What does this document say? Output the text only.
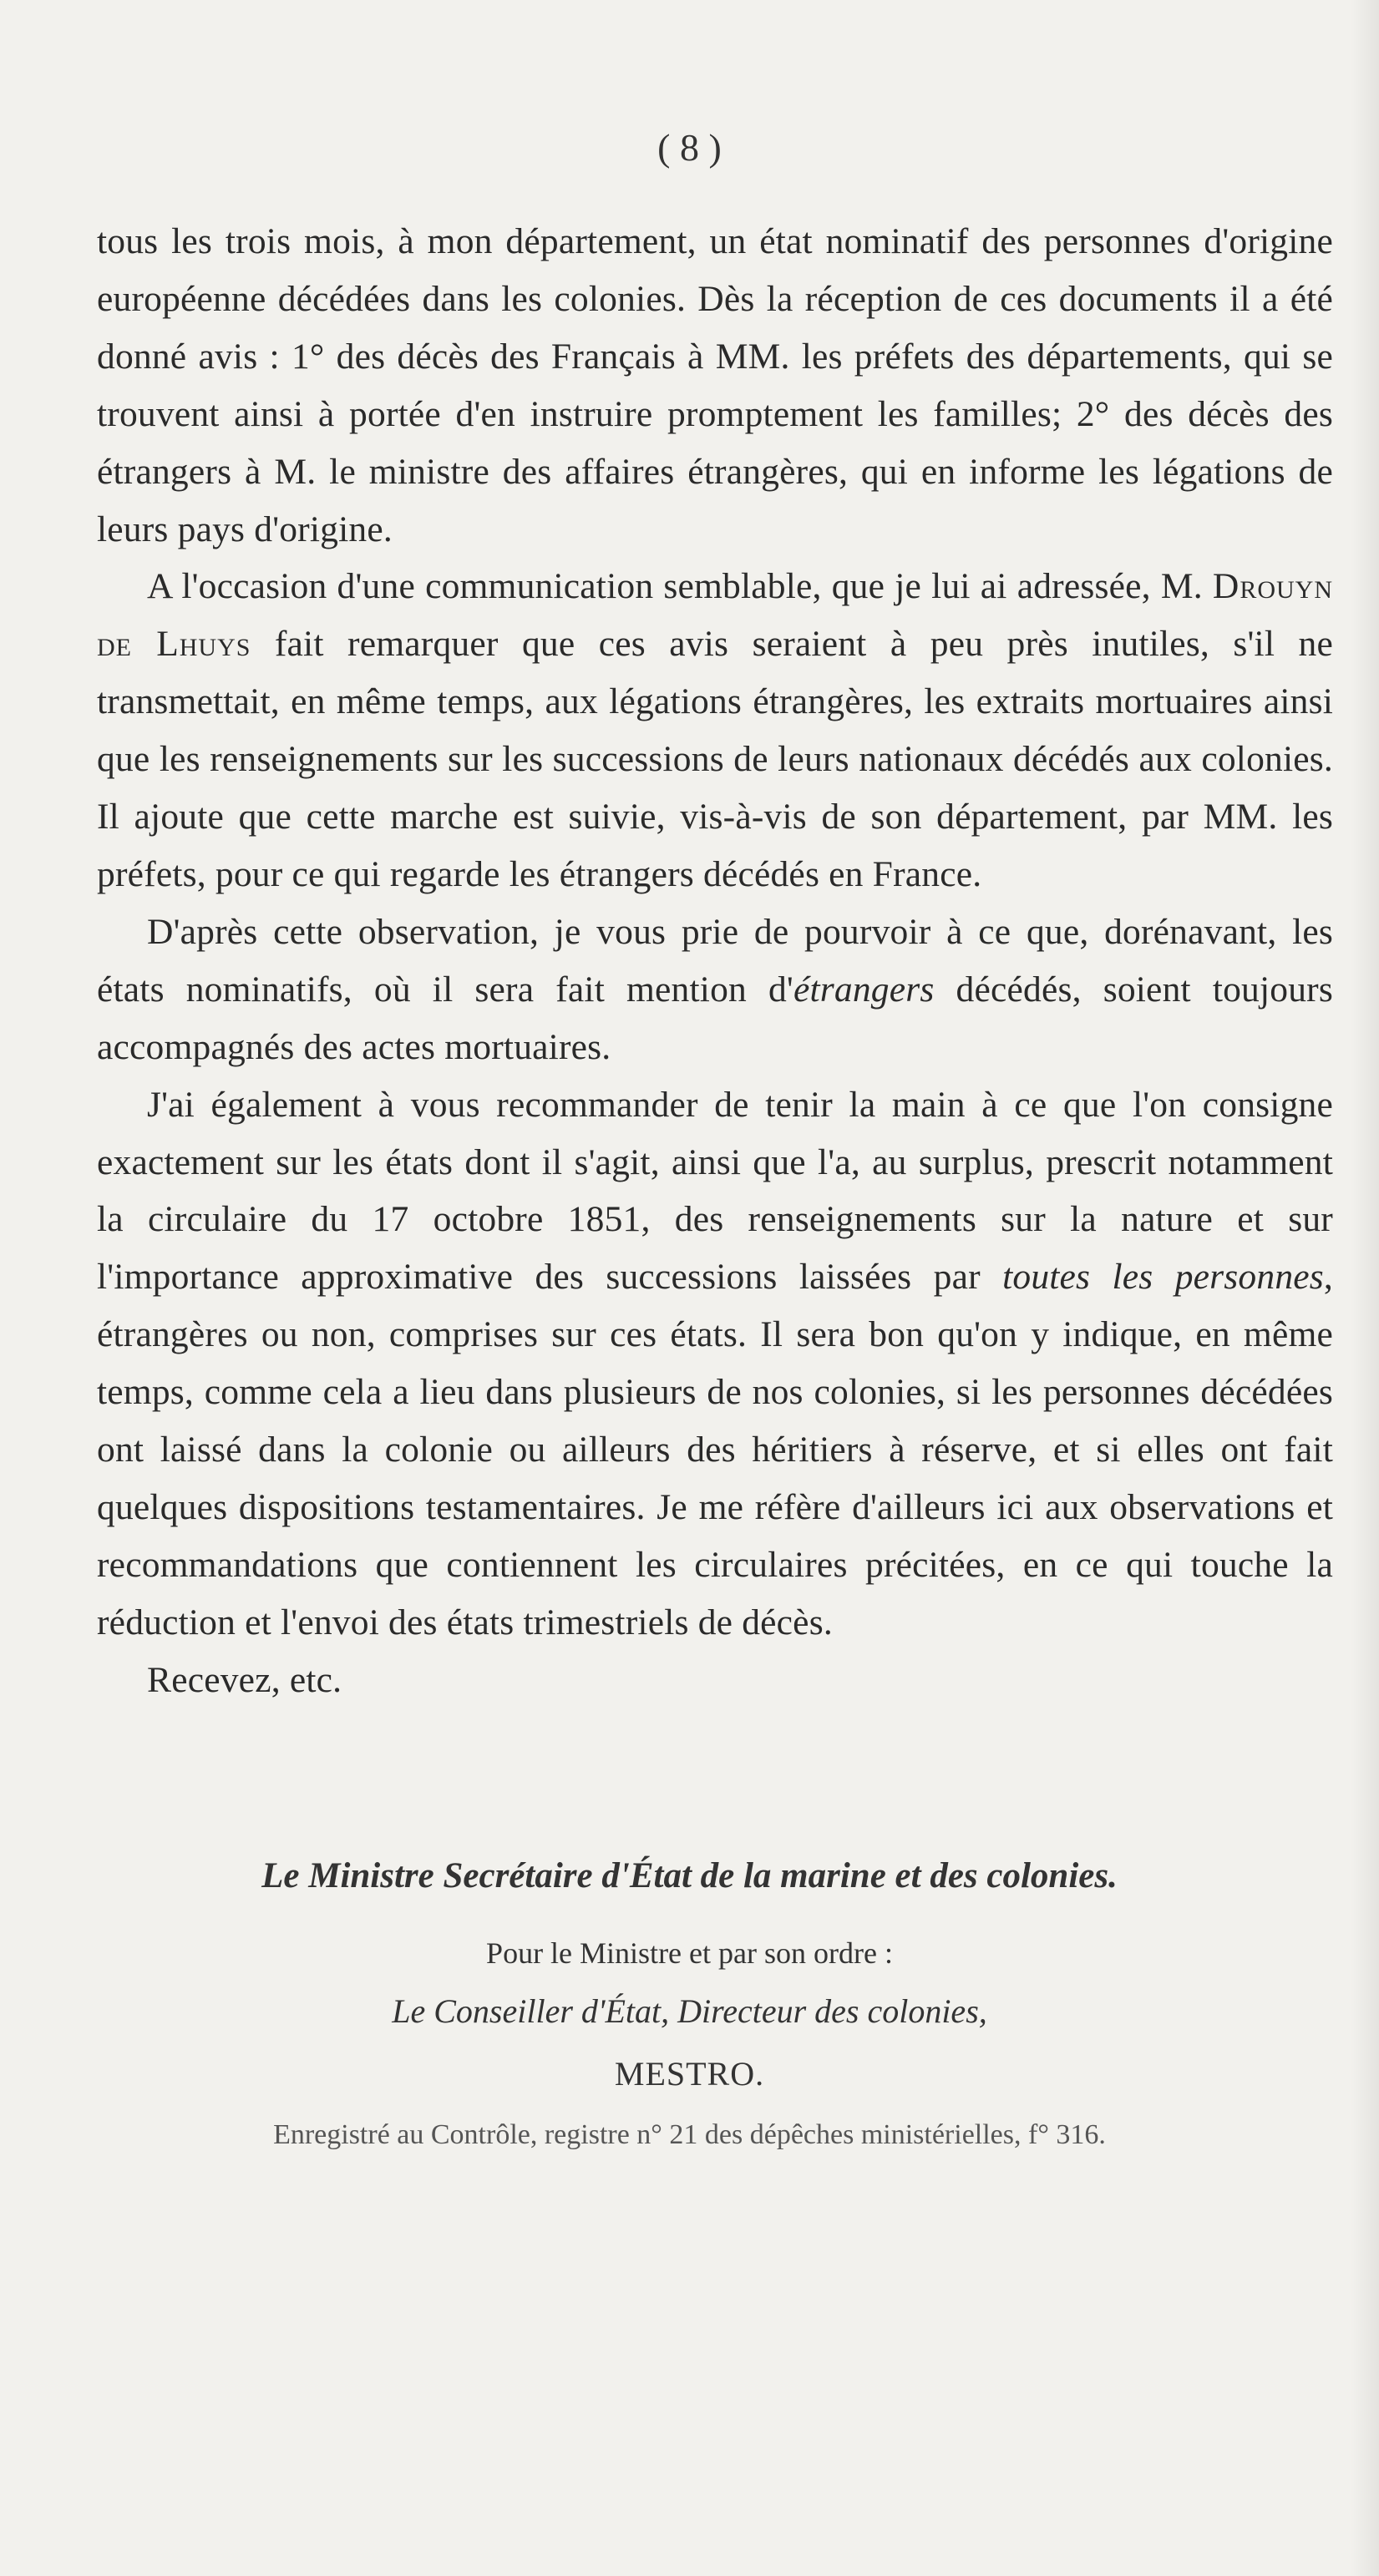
( 8 )

tous les trois mois, à mon département, un état nominatif des personnes d'origine européenne décédées dans les colonies. Dès la réception de ces documents il a été donné avis : 1° des décès des Français à MM. les préfets des départements, qui se trouvent ainsi à portée d'en instruire promptement les familles; 2° des décès des étrangers à M. le ministre des affaires étrangères, qui en informe les légations de leurs pays d'origine.

A l'occasion d'une communication semblable, que je lui ai adressée, M. Drouyn de Lhuys fait remarquer que ces avis seraient à peu près inutiles, s'il ne transmettait, en même temps, aux légations étrangères, les extraits mortuaires ainsi que les renseignements sur les successions de leurs nationaux décédés aux colonies. Il ajoute que cette marche est suivie, vis-à-vis de son département, par MM. les préfets, pour ce qui regarde les étrangers décédés en France.

D'après cette observation, je vous prie de pourvoir à ce que, dorénavant, les états nominatifs, où il sera fait mention d'étrangers décédés, soient toujours accompagnés des actes mortuaires.

J'ai également à vous recommander de tenir la main à ce que l'on consigne exactement sur les états dont il s'agit, ainsi que l'a, au surplus, prescrit notamment la circulaire du 17 octobre 1851, des renseignements sur la nature et sur l'importance approximative des successions laissées par toutes les personnes, étrangères ou non, comprises sur ces états. Il sera bon qu'on y indique, en même temps, comme cela a lieu dans plusieurs de nos colonies, si les personnes décédées ont laissé dans la colonie ou ailleurs des héritiers à réserve, et si elles ont fait quelques dispositions testamentaires. Je me réfère d'ailleurs ici aux observations et recommandations que contiennent les circulaires précitées, en ce qui touche la réduction et l'envoi des états trimestriels de décès.

Recevez, etc.

Le Ministre Secrétaire d'État de la marine et des colonies.

Pour le Ministre et par son ordre :

Le Conseiller d'État, Directeur des colonies,

MESTRO.

Enregistré au Contrôle, registre n° 21 des dépêches ministérielles, f° 316.
